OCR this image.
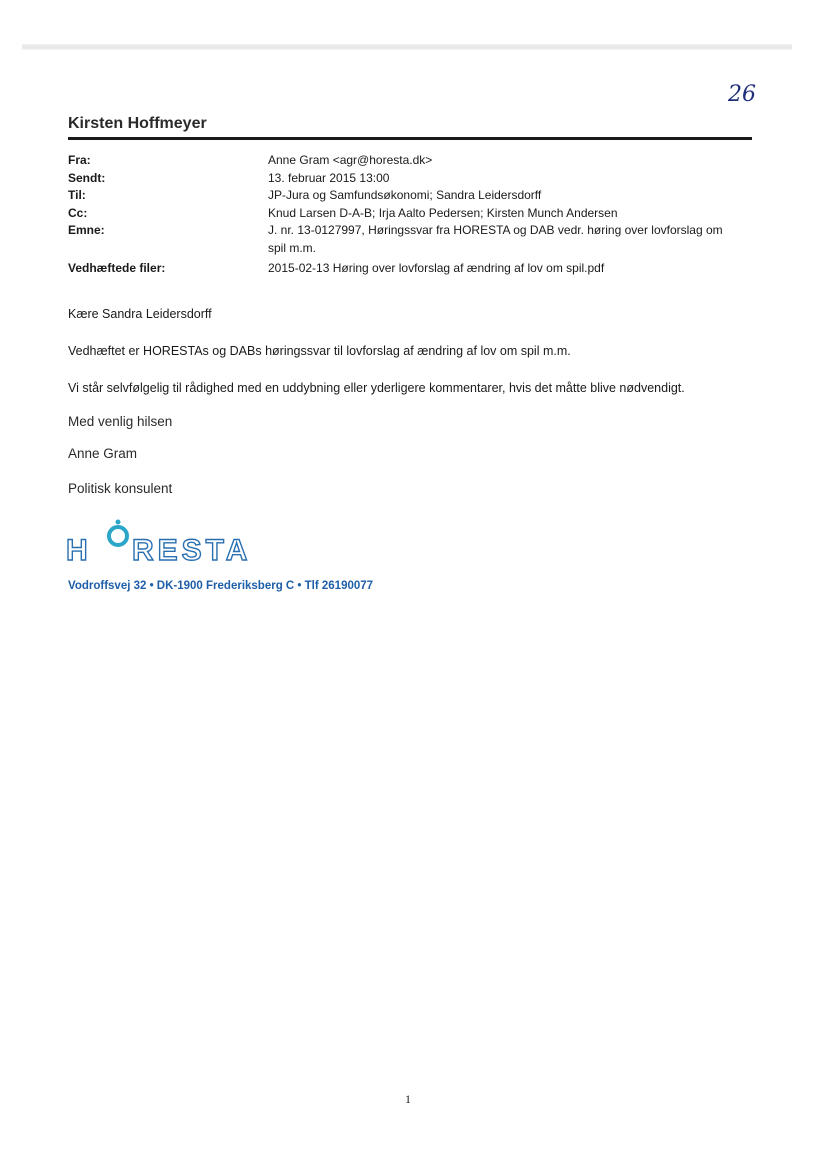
26
Kirsten Hoffmeyer
Fra:	Anne Gram <agr@horesta.dk>
Sendt:	13. februar 2015 13:00
Til:	JP-Jura og Samfundsøkonomi; Sandra Leidersdorff
Cc:	Knud Larsen D-A-B; Irja Aalto Pedersen; Kirsten Munch Andersen
Emne:	J. nr. 13-0127997, Høringssvar fra HORESTA og DAB vedr. høring over lovforslag om spil m.m.
Vedhæftede filer:	2015-02-13 Høring over lovforslag af ændring af lov om spil.pdf

Kære Sandra Leidersdorff

Vedhæftet er HORESTAs og DABs høringssvar til lovforslag af ændring af lov om spil m.m.

Vi står selvfølgelig til rådighed med en uddybning eller yderligere kommentarer, hvis det måtte blive nødvendigt.

Med venlig hilsen
Anne Gram
Politisk konsulent
H RESTA
Vodroffsvej 32 • DK-1900 Frederiksberg C • Tlf 26190077
1
